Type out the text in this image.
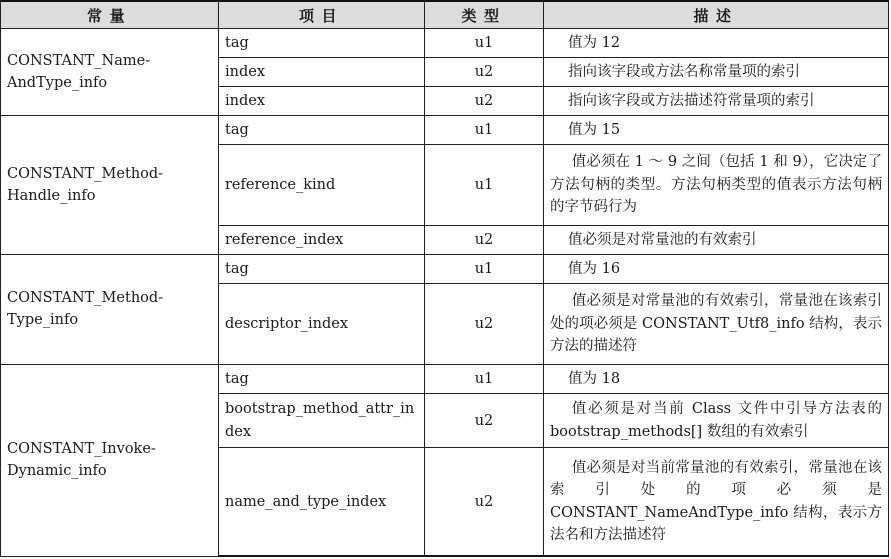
常量	项目	类型	描述
CONSTANT_Name-AndType_info	tag	u1	值为 12
	index	u2	指向该字段或方法名称常量项的索引
	index	u2	指向该字段或方法描述符常量项的索引
CONSTANT_Method-Handle_info	tag	u1	值为 15
	reference_kind	u1	值必须在 1 ～ 9 之间（包括 1 和 9），它决定了方法句柄的类型。方法句柄类型的值表示方法句柄的字节码行为
	reference_index	u2	值必须是对常量池的有效索引
CONSTANT_Method-Type_info	tag	u1	值为 16
	descriptor_index	u2	值必须是对常量池的有效索引，常量池在该索引处的项必须是 CONSTANT_Utf8_info 结构，表示方法的描述符
CONSTANT_Invoke-Dynamic_info	tag	u1	值为 18
	bootstrap_method_attr_index	u2	值必须是对当前 Class 文件中引导方法表的 bootstrap_methods[] 数组的有效索引
	name_and_type_index	u2	值必须是对当前常量池的有效索引，常量池在该索引处的项必须是 CONSTANT_NameAndType_info 结构，表示方法名和方法描述符
